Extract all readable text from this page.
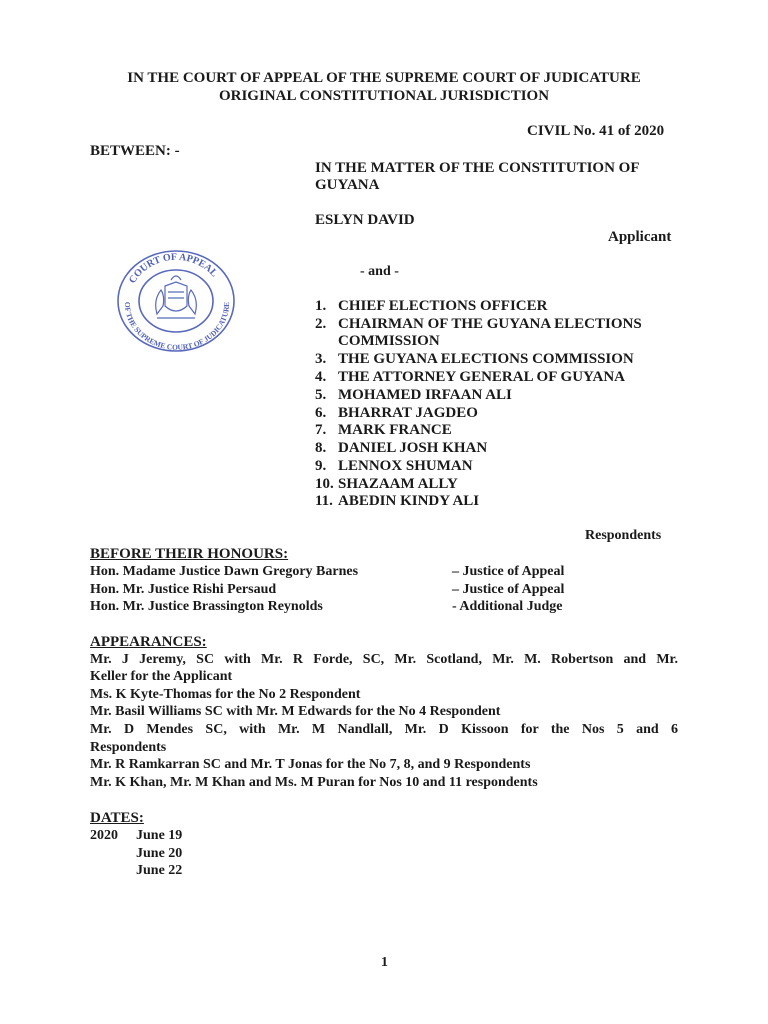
IN THE COURT OF APPEAL OF THE SUPREME COURT OF JUDICATURE
ORIGINAL CONSTITUTIONAL JURISDICTION
CIVIL No. 41 of 2020
BETWEEN: -
IN THE MATTER OF THE CONSTITUTION OF
GUYANA
ESLYN DAVID
Applicant
- and -
COURT OF APPEAL
OF THE SUPREME COURT OF JUDICATURE	1. CHIEF ELECTIONS OFFICER
2. CHAIRMAN OF THE GUYANA ELECTIONS
COMMISSION
3. THE GUYANA ELECTIONS COMMISSION
4. THE ATTORNEY GENERAL OF GUYANA
5. MOHAMED IRFAAN ALI
6. BHARRAT JAGDEO
7. MARK FRANCE
8. DANIEL JOSH KHAN
9. LENNOX SHUMAN
10. SHAZAAM ALLY
11. ABEDIN KINDY ALI
Respondents
BEFORE THEIR HONOURS:
Hon. Madame Justice Dawn Gregory Barnes	– Justice of Appeal
Hon. Mr. Justice Rishi Persaud	– Justice of Appeal
Hon. Mr. Justice Brassington Reynolds	- Additional Judge
APPEARANCES:
Mr. J Jeremy, SC with Mr. R Forde, SC, Mr. Scotland, Mr. M. Robertson and Mr.
Keller for the Applicant
Ms. K Kyte-Thomas for the No 2 Respondent
Mr. Basil Williams SC with Mr. M Edwards for the No 4 Respondent
Mr. D Mendes SC, with Mr. M Nandlall, Mr. D Kissoon for the Nos 5 and 6
Respondents
Mr. R Ramkarran SC and Mr. T Jonas for the No 7, 8, and 9 Respondents
Mr. K Khan, Mr. M Khan and Ms. M Puran for Nos 10 and 11 respondents
DATES:
2020 June 19
June 20
June 22
1
